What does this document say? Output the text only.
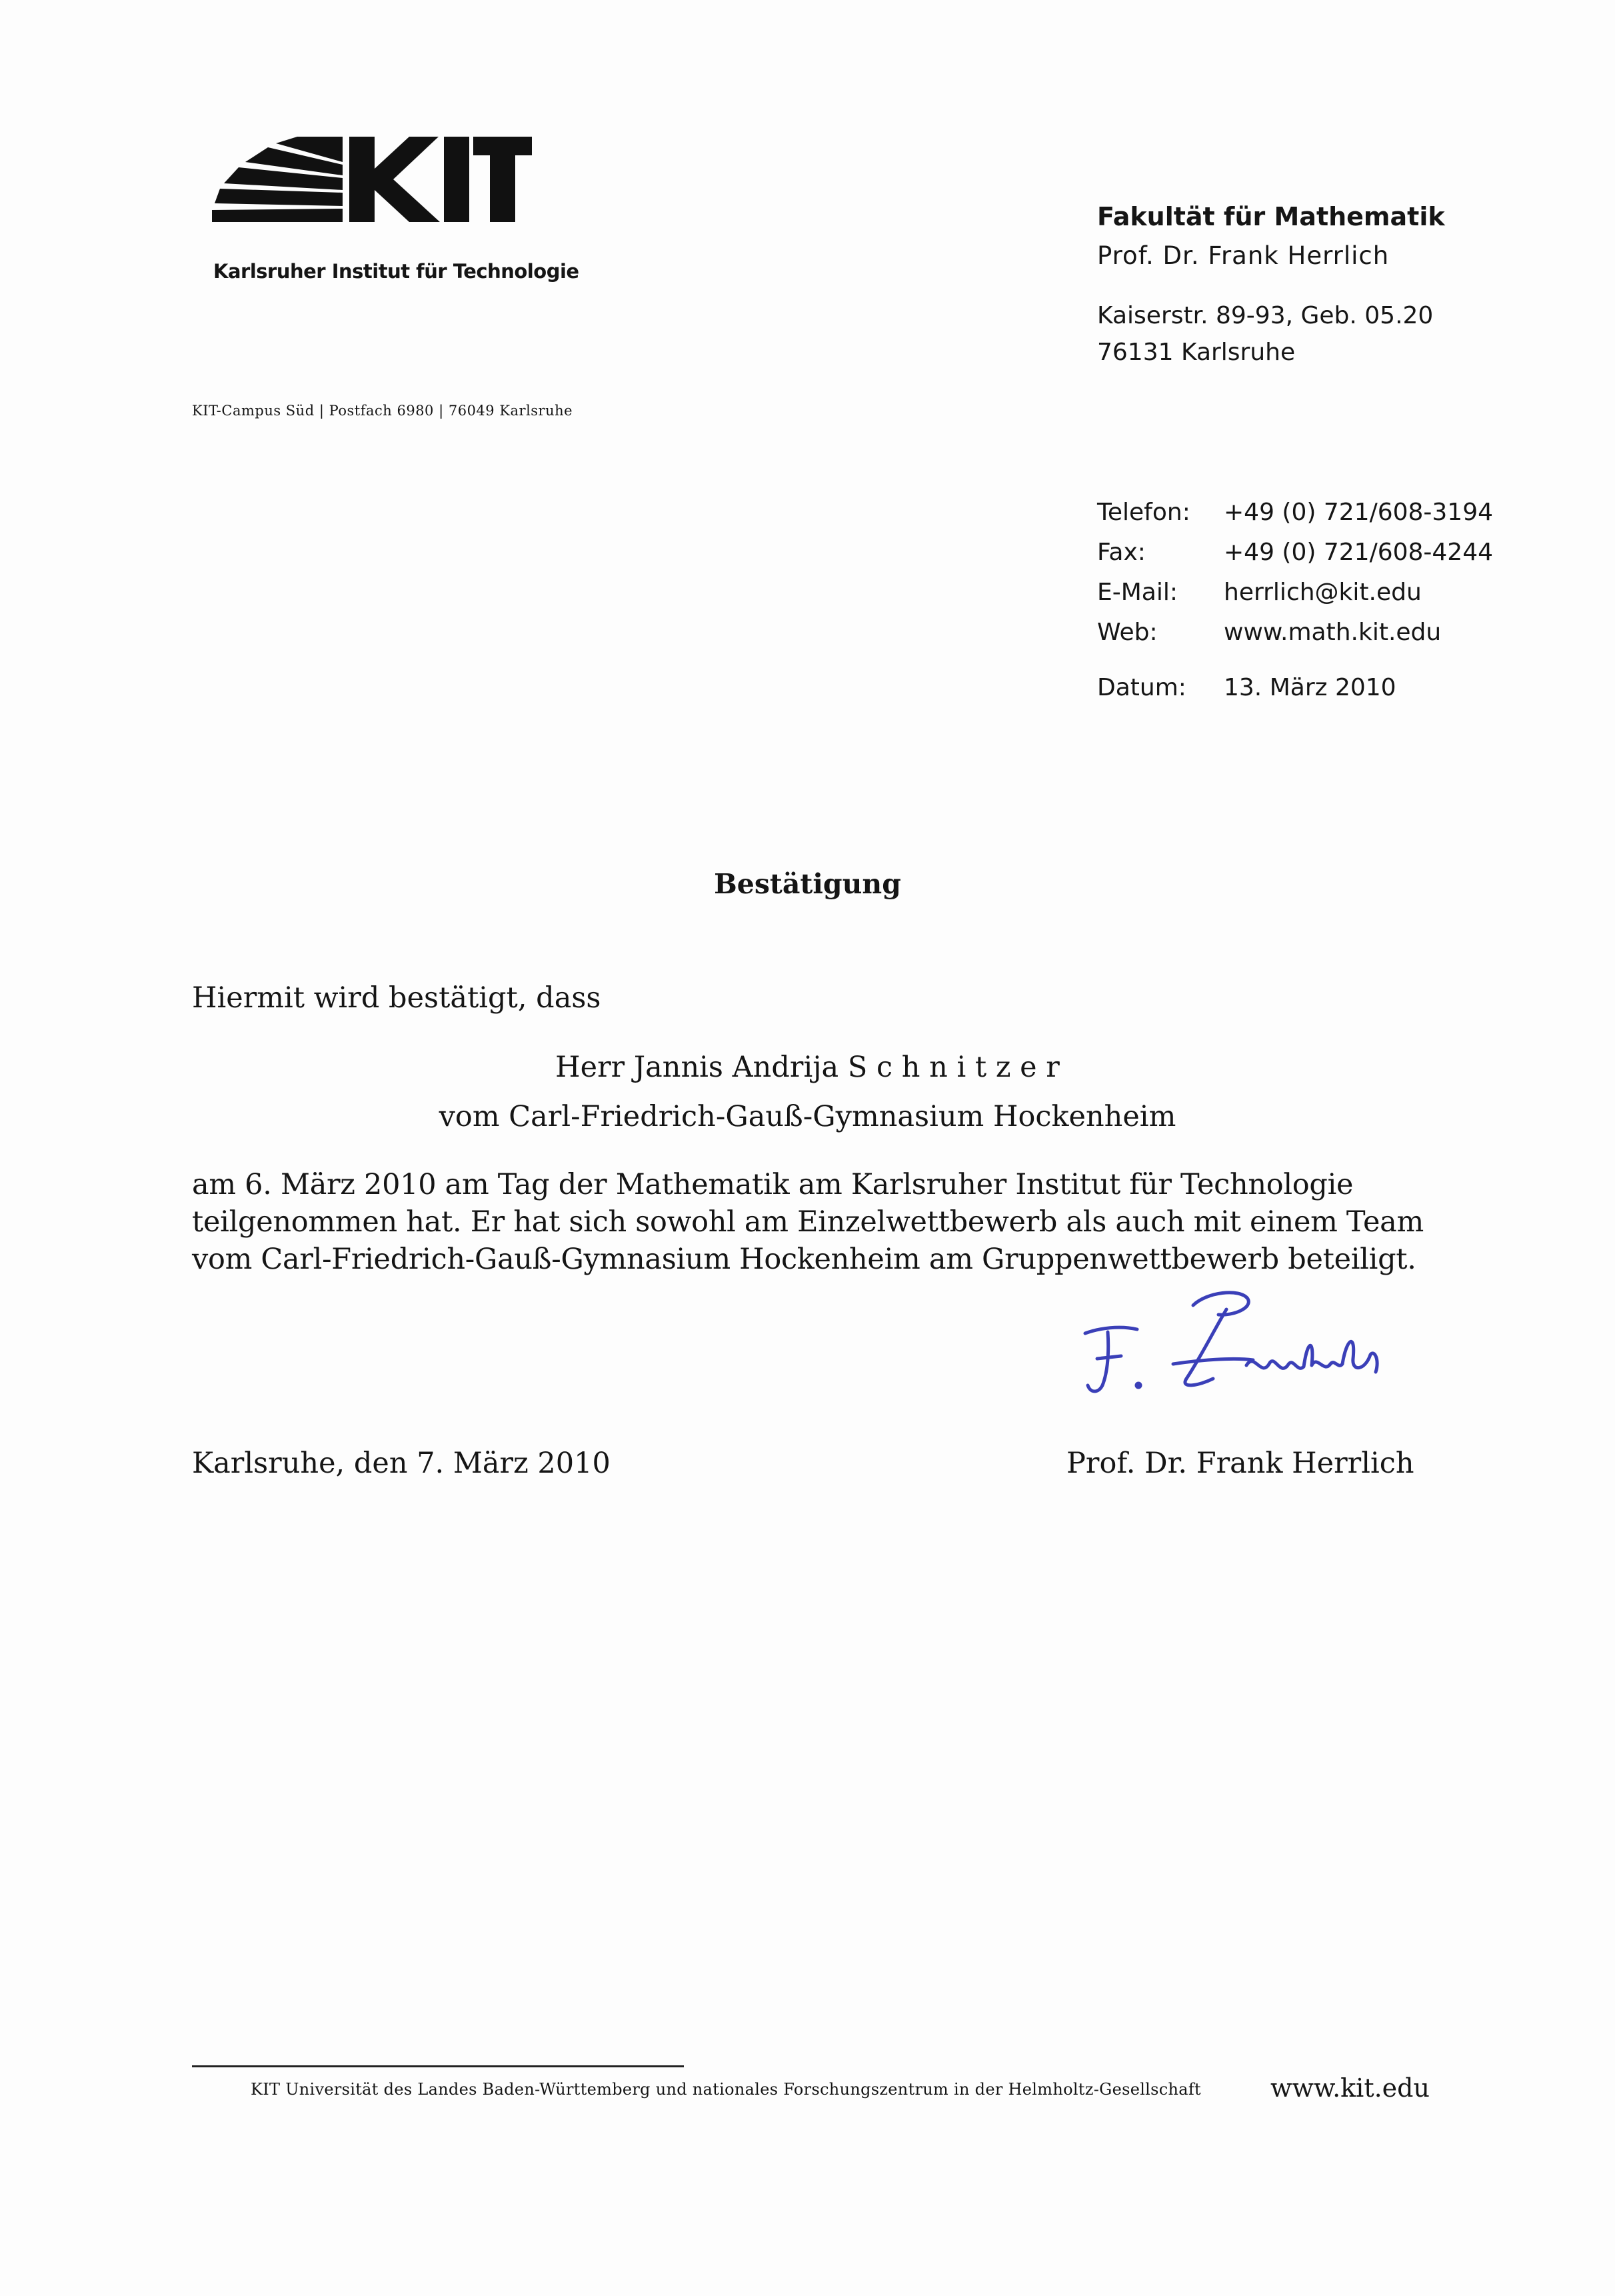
Karlsruher Institut für Technologie
Fakultät für Mathematik
Prof. Dr. Frank Herrlich
Kaiserstr. 89-93, Geb. 05.20
76131 Karlsruhe
KIT-Campus Süd | Postfach 6980 | 76049 Karlsruhe
Telefon: +49 (0) 721/608-3194
Fax:	+49 (0) 721/608-4244
E-Mail: herrlich@kit.edu
Web:	www.math.kit.edu
Datum: 13. März 2010
Bestätigung
Hiermit wird bestätigt, dass
Herr Jannis Andrija S c h n i t z e r
vom Carl-Friedrich-Gauß-Gymnasium Hockenheim
am 6. März 2010 am Tag der Mathematik am Karlsruher Institut für Technologie
teilgenommen hat. Er hat sich sowohl am Einzelwettbewerb als auch mit einem Team
vom Carl-Friedrich-Gauß-Gymnasium Hockenheim am Gruppenwettbewerb beteiligt.
Karlsruhe, den 7. März 2010	Prof. Dr. Frank Herrlich
KIT Universität des Landes Baden-Württemberg und nationales Forschungszentrum in der Helmholtz-Gesellschaft	www.kit.edu
